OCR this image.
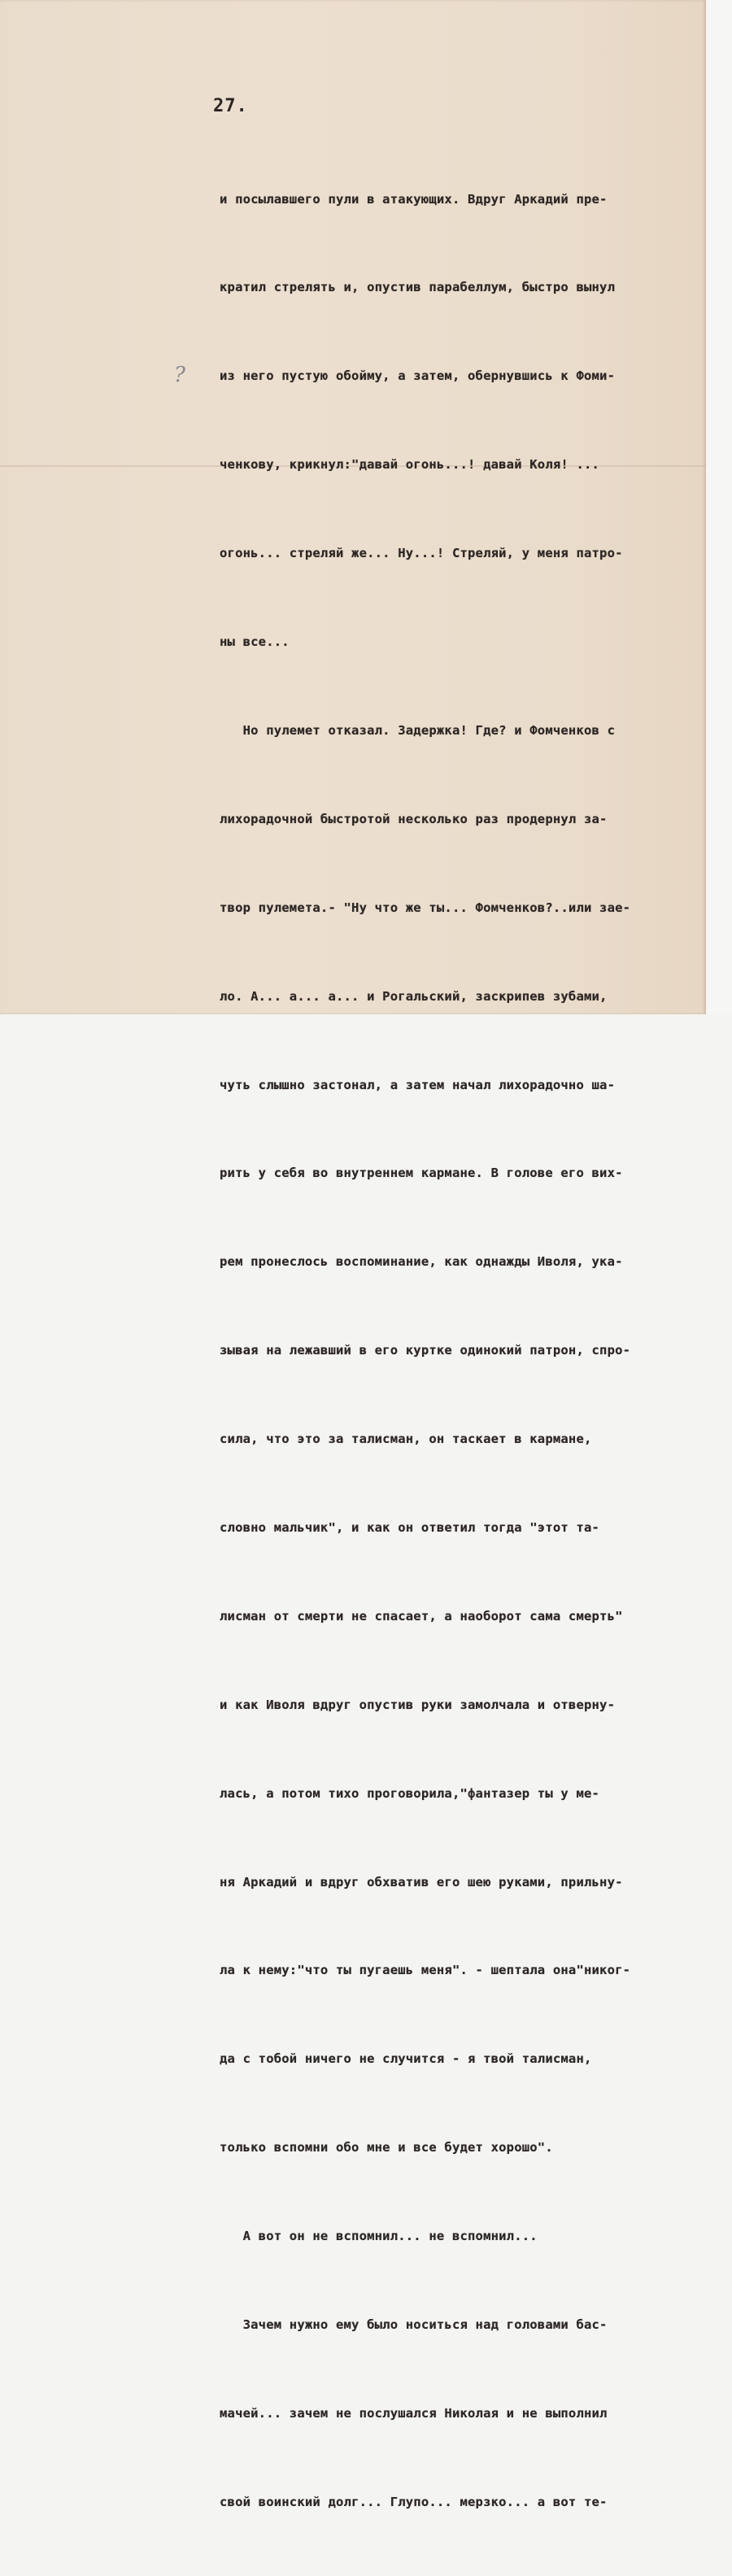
27.
?

и посылавшего пули в атакующих. Вдруг Аркадий пре-

кратил стрелять и, опустив парабеллум, быстро вынул

из него пустую обойму, а затем, обернувшись к Фоми-

ченкову, крикнул:"давай огонь...! давай Коля! ...

огонь... стреляй же... Ну...! Стреляй, у меня патро-

ны все...

Но пулемет отказал. Задержка! Где? и Фомченков с

лихорадочной быстротой несколько раз продернул за-

твор пулемета.- "Ну что же ты... Фомченков?..или зае-

ло. А... а... а... и Рогальский, заскрипев зубами,

чуть слышно застонал, а затем начал лихорадочно ша-

рить у себя во внутреннем кармане. В голове его вих-

рем пронеслось воспоминание, как однажды Иволя, ука-

зывая на лежавший в его куртке одинокий патрон, спро-

сила, что это за талисман, он таскает в кармане,

словно мальчик", и как он ответил тогда "этот та-

лисман от смерти не спасает, а наоборот сама смерть"

и как Иволя вдруг опустив руки замолчала и отверну-

лась, а потом тихо проговорила,"фантазер ты у ме-

ня Аркадий и вдруг обхватив его шею руками, прильну-

ла к нему:"что ты пугаешь меня". - шептала она"никог-

да с тобой ничего не случится - я твой талисман,

только вспомни обо мне и все будет хорошо".

А вот он не вспомнил... не вспомнил...

Зачем нужно ему было носиться над головами бас-

мачей... зачем не послушался Николая и не выполнил

свой воинский долг... Глупо... мерзко... а вот те-
